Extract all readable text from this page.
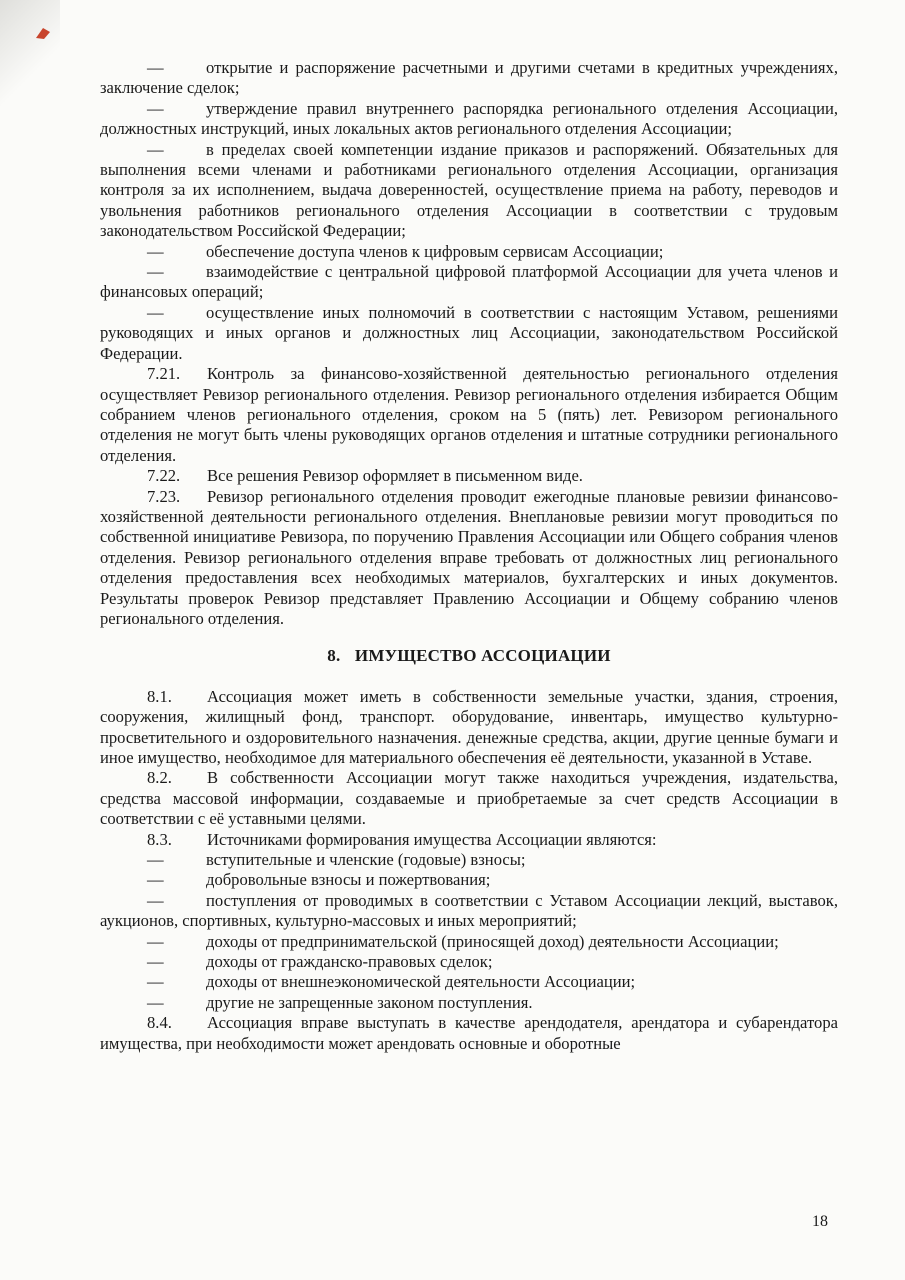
—	открытие и распоряжение расчетными и другими счетами в кредитных учреждениях, заключение сделок;

—	утверждение правил внутреннего распорядка регионального отделения Ассоциации, должностных инструкций, иных локальных актов регионального отделения Ассоциации;

—	в пределах своей компетенции издание приказов и распоряжений. Обязательных для выполнения всеми членами и работниками регионального отделения Ассоциации, организация контроля за их исполнением, выдача доверенностей, осуществление приема на работу, переводов и увольнения работников регионального отделения Ассоциации в соответствии с трудовым законодательством Российской Федерации;

—	обеспечение доступа членов к цифровым сервисам Ассоциации;

—	взаимодействие с центральной цифровой платформой Ассоциации для учета членов и финансовых операций;

—	осуществление иных полномочий в соответствии с настоящим Уставом, решениями руководящих и иных органов и должностных лиц Ассоциации, законодательством Российской Федерации.

7.21. Контроль за финансово-хозяйственной деятельностью регионального отделения осуществляет Ревизор регионального отделения. Ревизор регионального отделения избирается Общим собранием членов регионального отделения, сроком на 5 (пять) лет. Ревизором регионального отделения не могут быть члены руководящих органов отделения и штатные сотрудники регионального отделения.

7.22. Все решения Ревизор оформляет в письменном виде.

7.23. Ревизор регионального отделения проводит ежегодные плановые ревизии финансово-хозяйственной деятельности регионального отделения. Внеплановые ревизии могут проводиться по собственной инициативе Ревизора, по поручению Правления Ассоциации или Общего собрания членов отделения. Ревизор регионального отделения вправе требовать от должностных лиц регионального отделения предоставления всех необходимых материалов, бухгалтерских и иных документов. Результаты проверок Ревизор представляет Правлению Ассоциации и Общему собранию членов регионального отделения.

8. ИМУЩЕСТВО АССОЦИАЦИИ

8.1. Ассоциация может иметь в собственности земельные участки, здания, строения, сооружения, жилищный фонд, транспорт. оборудование, инвентарь, имущество культурно-просветительного и оздоровительного назначения. денежные средства, акции, другие ценные бумаги и иное имущество, необходимое для материального обеспечения её деятельности, указанной в Уставе.

8.2. В собственности Ассоциации могут также находиться учреждения, издательства, средства массовой информации, создаваемые и приобретаемые за счет средств Ассоциации в соответствии с её уставными целями.

8.3. Источниками формирования имущества Ассоциации являются:

—	вступительные и членские (годовые) взносы;

—	добровольные взносы и пожертвования;

—	поступления от проводимых в соответствии с Уставом Ассоциации лекций, выставок, аукционов, спортивных, культурно-массовых и иных мероприятий;

—	доходы от предпринимательской (приносящей доход) деятельности Ассоциации;

—	доходы от гражданско-правовых сделок;

—	доходы от внешнеэкономической деятельности Ассоциации;

—	другие не запрещенные законом поступления.

8.4. Ассоциация вправе выступать в качестве арендодателя, арендатора и субарендатора имущества, при необходимости может арендовать основные и оборотные

18
